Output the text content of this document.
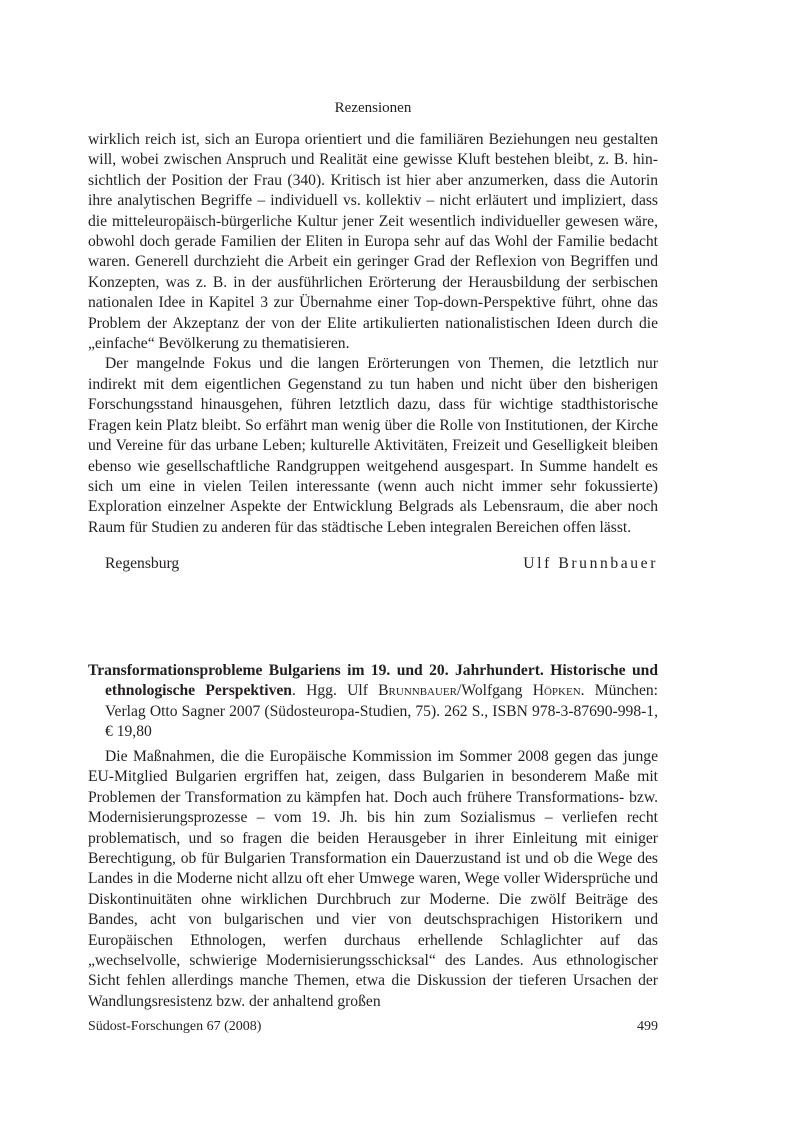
Rezensionen

wirklich reich ist, sich an Europa orientiert und die familiären Beziehungen neu gestalten will, wobei zwischen Anspruch und Realität eine gewisse Kluft bestehen bleibt, z. B. hinsichtlich der Position der Frau (340). Kritisch ist hier aber anzumerken, dass die Autorin ihre analytischen Begriffe – individuell vs. kollektiv – nicht erläutert und impliziert, dass die mitteleuropäisch-bürgerliche Kultur jener Zeit wesentlich individueller gewesen wäre, obwohl doch gerade Familien der Eliten in Europa sehr auf das Wohl der Familie bedacht waren. Generell durchzieht die Arbeit ein geringer Grad der Reflexion von Begriffen und Konzepten, was z. B. in der ausführlichen Erörterung der Herausbildung der serbischen nationalen Idee in Kapitel 3 zur Übernahme einer Top-down-Perspektive führt, ohne das Problem der Akzeptanz der von der Elite artikulierten nationalistischen Ideen durch die „einfache“ Bevölkerung zu thematisieren.

Der mangelnde Fokus und die langen Erörterungen von Themen, die letztlich nur indirekt mit dem eigentlichen Gegenstand zu tun haben und nicht über den bisherigen Forschungsstand hinausgehen, führen letztlich dazu, dass für wichtige stadthistorische Fragen kein Platz bleibt. So erfährt man wenig über die Rolle von Institutionen, der Kirche und Vereine für das urbane Leben; kulturelle Aktivitäten, Freizeit und Geselligkeit bleiben ebenso wie gesellschaftliche Randgruppen weitgehend ausgespart. In Summe handelt es sich um eine in vielen Teilen interessante (wenn auch nicht immer sehr fokussierte) Exploration einzelner Aspekte der Entwicklung Belgrads als Lebensraum, die aber noch Raum für Studien zu anderen für das städtische Leben integralen Bereichen offen lässt.

Regensburg	Ulf Brunnbauer
Transformationsprobleme Bulgariens im 19. und 20. Jahrhundert. Historische und ethnologische Perspektiven. Hgg. Ulf Brunnbauer/Wolfgang Höpken. München: Verlag Otto Sagner 2007 (Südosteuropa-Studien, 75). 262 S., ISBN 978-3-87690-998-1, € 19,80

Die Maßnahmen, die die Europäische Kommission im Sommer 2008 gegen das junge EU-Mitglied Bulgarien ergriffen hat, zeigen, dass Bulgarien in besonderem Maße mit Problemen der Transformation zu kämpfen hat. Doch auch frühere Transformations- bzw. Modernisierungsprozesse – vom 19. Jh. bis hin zum Sozialismus – verliefen recht problematisch, und so fragen die beiden Herausgeber in ihrer Einleitung mit einiger Berechtigung, ob für Bulgarien Transformation ein Dauerzustand ist und ob die Wege des Landes in die Moderne nicht allzu oft eher Umwege waren, Wege voller Widersprüche und Diskontinuitäten ohne wirklichen Durchbruch zur Moderne. Die zwölf Beiträge des Bandes, acht von bulgarischen und vier von deutschsprachigen Historikern und Europäischen Ethnologen, werfen durchaus erhellende Schlaglichter auf das „wechselvolle, schwierige Modernisierungsschicksal“ des Landes. Aus ethnologischer Sicht fehlen allerdings manche Themen, etwa die Diskussion der tieferen Ursachen der Wandlungsresistenz bzw. der anhaltend großen

Südost-Forschungen 67 (2008)	499
